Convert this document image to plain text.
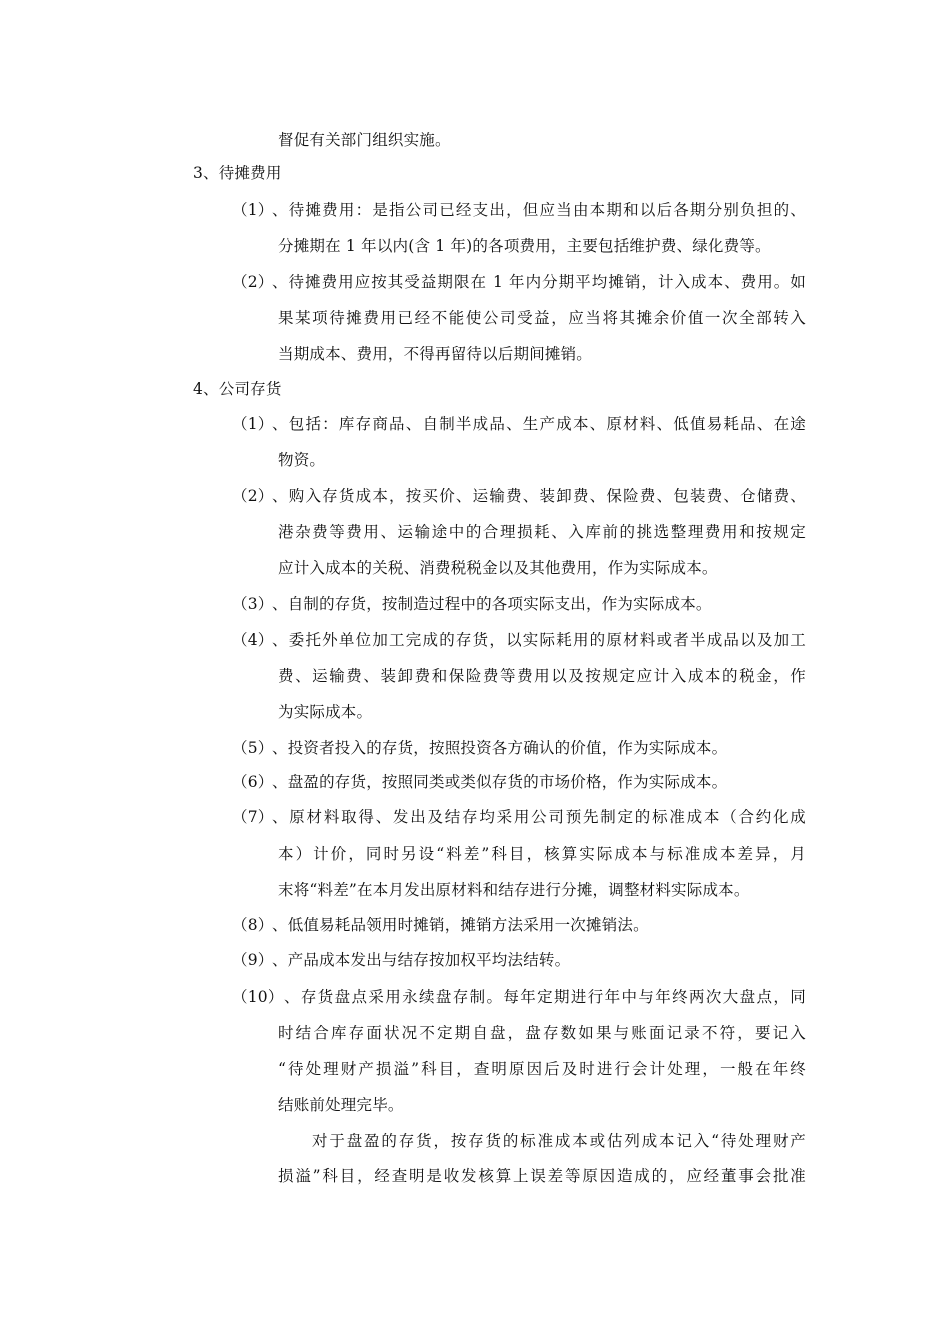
督促有关部门组织实施。
3、待摊费用
（1）
、待摊费用：是指公司已经支出，但应当由本期和以后各期分别负担的、
分摊期在 1 年以内(含 1 年)的各项费用，主要包括维护费、绿化费等。
（2）
、待摊费用应按其受益期限在 1 年内分期平均摊销，计入成本、费用。如
果某项待摊费用已经不能使公司受益，应当将其摊余价值一次全部转入
当期成本、费用，不得再留待以后期间摊销。
4、公司存货
（1）
、包括：库存商品、自制半成品、生产成本、原材料、低值易耗品、在途
物资。
（2）
、购入存货成本，按买价、运输费、装卸费、保险费、包装费、仓储费、
港杂费等费用、运输途中的合理损耗、入库前的挑选整理费用和按规定
应计入成本的关税、消费税税金以及其他费用，作为实际成本。
（3）
、自制的存货，按制造过程中的各项实际支出，作为实际成本。
（4）
、委托外单位加工完成的存货，以实际耗用的原材料或者半成品以及加工
费、运输费、装卸费和保险费等费用以及按规定应计入成本的税金，作
为实际成本。
（5）
、投资者投入的存货，按照投资各方确认的价值，作为实际成本。
（6）
、盘盈的存货，按照同类或类似存货的市场价格，作为实际成本。
（7）
、原材料取得、发出及结存均采用公司预先制定的标准成本（合约化成
本）计价，同时另设“料差”科目，核算实际成本与标准成本差异，月
末将“料差”在本月发出原材料和结存进行分摊，调整材料实际成本。
（8）
、低值易耗品领用时摊销，摊销方法采用一次摊销法。
（9）
、产品成本发出与结存按加权平均法结转。
（10） 、存货盘点采用永续盘存制。每年定期进行年中与年终两次大盘点，同
时结合库存面状况不定期自盘，盘存数如果与账面记录不符，要记入
“待处理财产损溢”科目，查明原因后及时进行会计处理，一般在年终
结账前处理完毕。
对于盘盈的存货，按存货的标准成本或估列成本记入“待处理财产
损溢”科目，经查明是收发核算上误差等原因造成的，应经董事会批准
